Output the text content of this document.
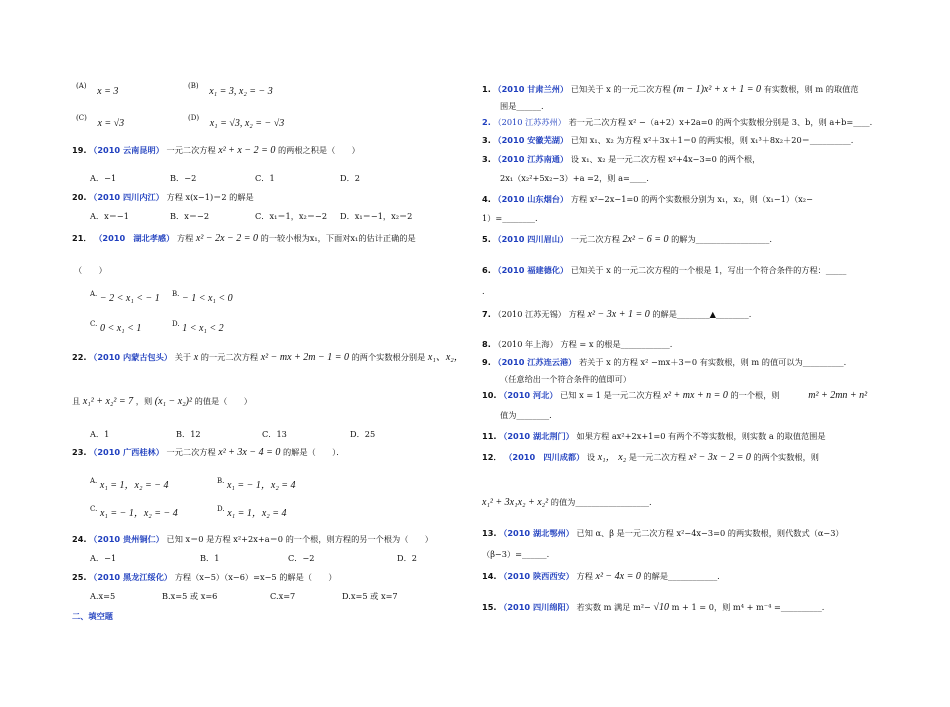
(A) x = 3	(B) x₁ = 3, x₂ = − 3
(C) x = √3	(D) x₁ = √3, x₂ = − √3
19. （2010 云南昆明） 一元二次方程 x² + x − 2 = 0 的两根之积是（　　）
A．−1	B．−2	C．1	D．2
20. （2010 四川内江） 方程 x(x−1)＝2 的解是
A．x＝−1	B．x＝−2	C．x₁＝1，x₂＝−2 D．x₁＝−1，x₂＝2
21． （2010　湖北孝感） 方程 x² − 2x − 2 = 0 的一较小根为x₁，下面对x₁的估计正确的是
（　　）
A. − 2 < x₁ < − 1 B. − 1 < x₁ < 0
C. 0 < x₁ < 1	D. 1 < x₁ < 2
22. （2010 内蒙古包头） 关于 x 的一元二次方程 x² − mx + 2m − 1 = 0 的两个实数根分别是 x₁、x₂，
且 x₁² + x₂² = 7 ，则 (x₁ − x₂)² 的值是（　　）
A．1	B．12	C．13	D．25
23. （2010 广西桂林） 一元二次方程 x² + 3x − 4 = 0 的解是（　　）．
A. x₁ = 1，x₂ = − 4	B. x₁ = − 1，x₂ = 4
C. x₁ = − 1，x₂ = − 4	D. x₁ = 1，x₂ = 4
24. （2010 贵州铜仁） 已知 x＝0 是方程 x²+2x+a＝0 的一个根，则方程的另一个根为（　　）
A．−1	B．1	C．−2	D．2
25. （2010 黑龙江绥化） 方程（x−5）（x−6）=x−5 的解是（　　）
A.x=5	B.x=5 或 x=6	C.x=7	D.x=5 或 x=7
二、填空题
1. （2010 甘肃兰州） 已知关于 x 的一元二次方程 (m − 1)x² + x + 1 = 0 有实数根，则 m 的取值范
围是______.
2. （2010 江苏苏州） 若一元二次方程 x² −（a+2）x+2a=0 的两个实数根分别是 3、b，则 a+b=____.
3. （2010 安徽芜湖） 已知 x₁、x₂ 为方程 x²＋3x＋1＝0 的两实根，则 x₁³＋8x₂＋20＝__________.
3. （2010 江苏南通） 设 x₁、x₂ 是一元二次方程 x²+4x−3=0 的两个根，
2x₁（x₂²+5x₂−3）+a =2，则 a=____.
4. （2010 山东烟台） 方程 x²−2x−1=0 的两个实数根分别为 x₁，x₂，则（x₁−1）（x₂−
1）=________.
5. （2010 四川眉山） 一元二次方程 2x² − 6 = 0 的解为__________________.
6. （2010 福建德化） 已知关于 x 的一元二次方程的一个根是 1，写出一个符合条件的方程：_____
.
7. （2010 江苏无锡） 方程 x² − 3x + 1 = 0 的解是________▲________.
8. （2010 年上海） 方程 = x 的根是____________.
9. （2010 江苏连云港） 若关于 x 的方程 x² −mx＋3＝0 有实数根，则 m 的值可以为__________.
（任意给出一个符合条件的值即可）
10. （2010 河北） 已知 x = 1 是一元二次方程 x² + mx + n = 0 的一个根，则	m² + 2mn + n²
值为________.
11. （2010 湖北荆门） 如果方程 ax²+2x+1=0 有两个不等实数根，则实数 a 的取值范围是
12． （2010　四川成都） 设 x₁， x₂ 是一元二次方程 x² − 3x − 2 = 0 的两个实数根，则
x₁² + 3x₁x₂ + x₂² 的值为__________________.
13. （2010 湖北鄂州） 已知 α、β 是一元二次方程 x²−4x−3=0 的两实数根，则代数式（α−3）
（β−3）=______.
14. （2010 陕西西安） 方程 x² − 4x = 0 的解是____________.
15. （2010 四川绵阳） 若实数 m 满足 m²− √10 m + 1 = 0，则 m⁴ + m⁻⁴ =__________.
